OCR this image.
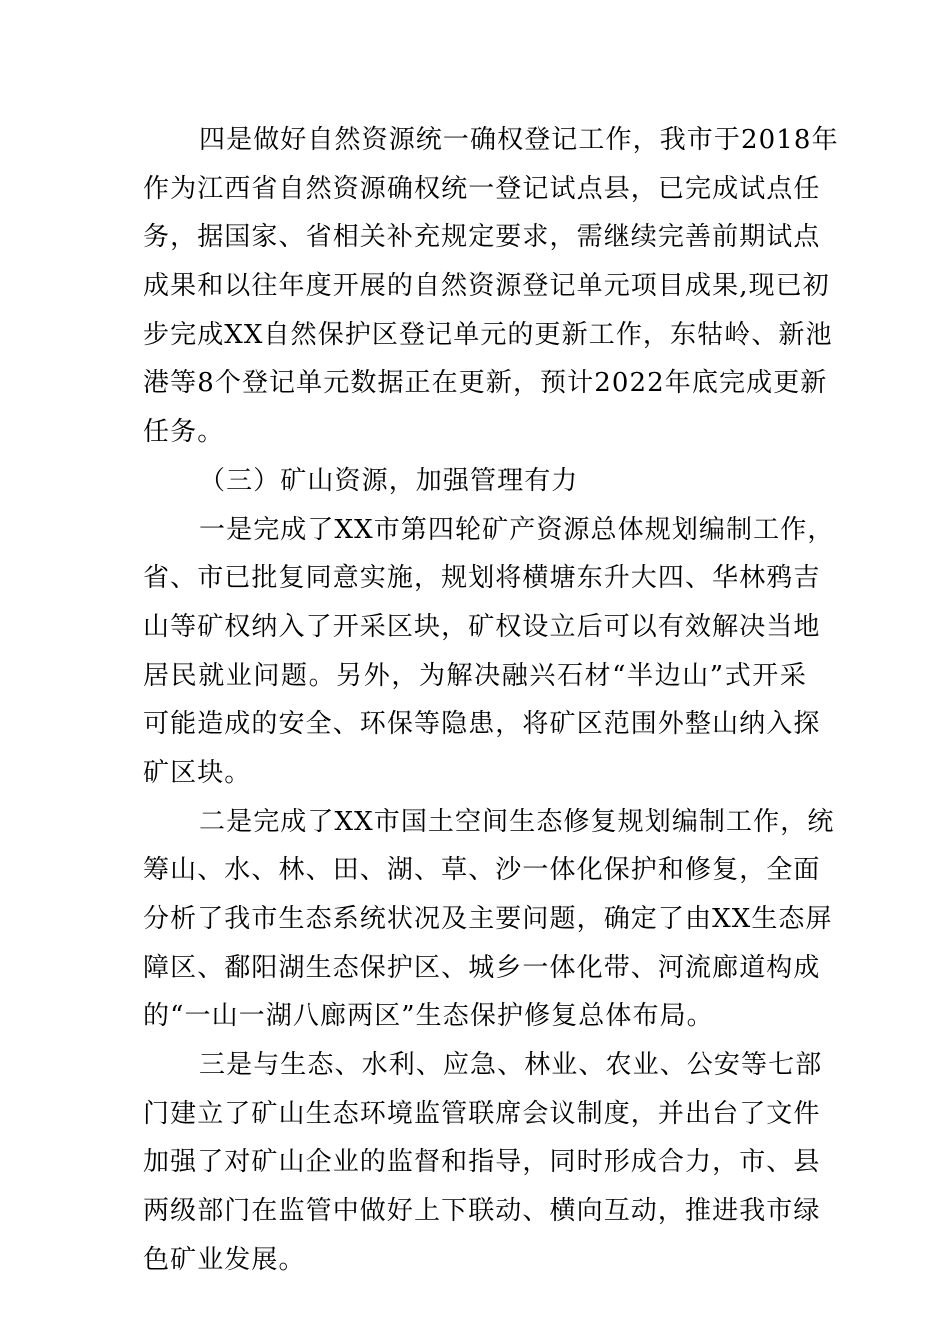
四是做好自然资源统一确权登记工作，我市于2018年
作为江西省自然资源确权统一登记试点县，已完成试点任
务，据国家、省相关补充规定要求，需继续完善前期试点
成果和以往年度开展的自然资源登记单元项目成果,现已初
步完成XX自然保护区登记单元的更新工作，东牯岭、新池
港等8个登记单元数据正在更新，预计2022年底完成更新
任务。
（三）矿山资源，加强管理有力
一是完成了XX市第四轮矿产资源总体规划编制工作，
省、市已批复同意实施，规划将横塘东升大四、华林鸦吉
山等矿权纳入了开采区块，矿权设立后可以有效解决当地
居民就业问题。另外，为解决融兴石材“半边山”式开采
可能造成的安全、环保等隐患，将矿区范围外整山纳入探
矿区块。
二是完成了XX市国土空间生态修复规划编制工作，统
筹山、水、林、田、湖、草、沙一体化保护和修复，全面
分析了我市生态系统状况及主要问题，确定了由XX生态屏
障区、鄱阳湖生态保护区、城乡一体化带、河流廊道构成
的“一山一湖八廊两区”生态保护修复总体布局。
三是与生态、水利、应急、林业、农业、公安等七部
门建立了矿山生态环境监管联席会议制度，并出台了文件
加强了对矿山企业的监督和指导，同时形成合力，市、县
两级部门在监管中做好上下联动、横向互动，推进我市绿
色矿业发展。
